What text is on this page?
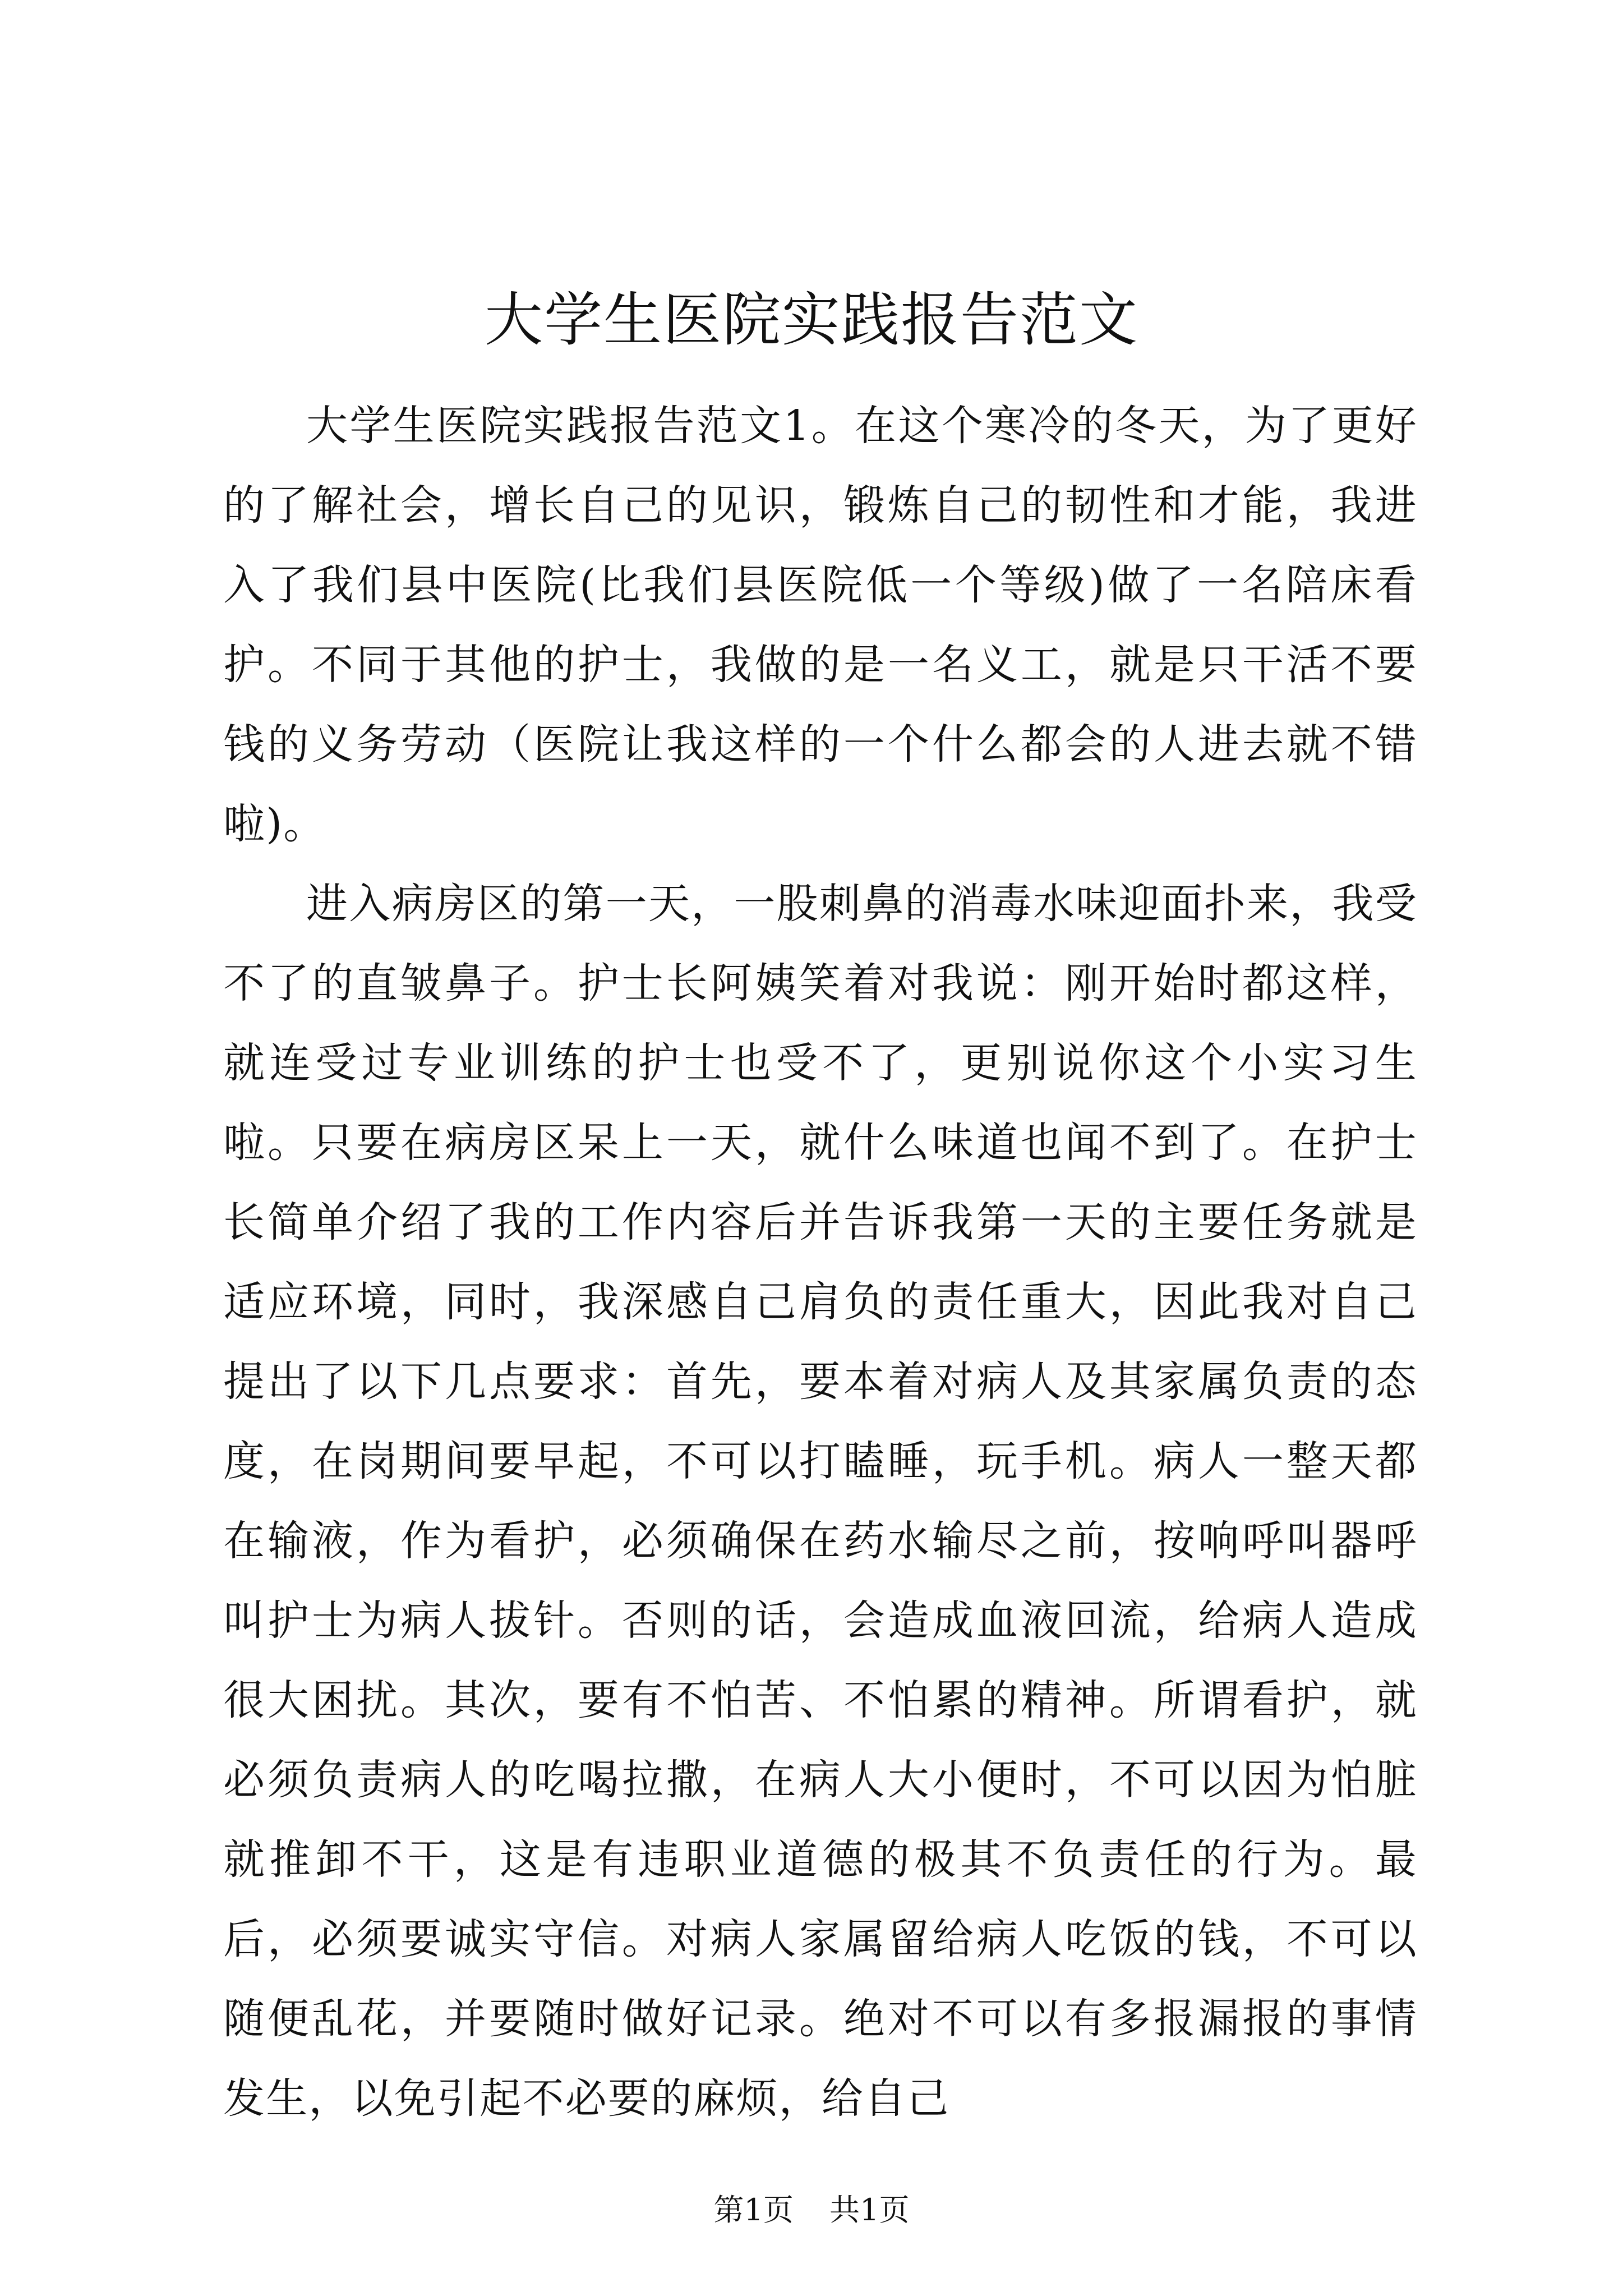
大学生医院实践报告范文

大学生医院实践报告范文1。在这个寒冷的冬天，为了更好的了解社会，增长自己的见识，锻炼自己的韧性和才能，我进入了我们县中医院(比我们县医院低一个等级)做了一名陪床看护。不同于其他的护士，我做的是一名义工，就是只干活不要钱的义务劳动（医院让我这样的一个什么都会的人进去就不错啦)。

进入病房区的第一天，一股刺鼻的消毒水味迎面扑来，我受不了的直皱鼻子。护士长阿姨笑着对我说：刚开始时都这样，就连受过专业训练的护士也受不了，更别说你这个小实习生啦。只要在病房区呆上一天，就什么味道也闻不到了。在护士长简单介绍了我的工作内容后并告诉我第一天的主要任务就是适应环境，同时，我深感自己肩负的责任重大，因此我对自己提出了以下几点要求：首先，要本着对病人及其家属负责的态度，在岗期间要早起，不可以打瞌睡，玩手机。病人一整天都在输液，作为看护，必须确保在药水输尽之前，按响呼叫器呼叫护士为病人拔针。否则的话，会造成血液回流，给病人造成很大困扰。其次，要有不怕苦、不怕累的精神。所谓看护，就必须负责病人的吃喝拉撒，在病人大小便时，不可以因为怕脏就推卸不干，这是有违职业道德的极其不负责任的行为。最后，必须要诚实守信。对病人家属留给病人吃饭的钱，不可以随便乱花，并要随时做好记录。绝对不可以有多报漏报的事情发生，以免引起不必要的麻烦，给自己

第1页 共1页
